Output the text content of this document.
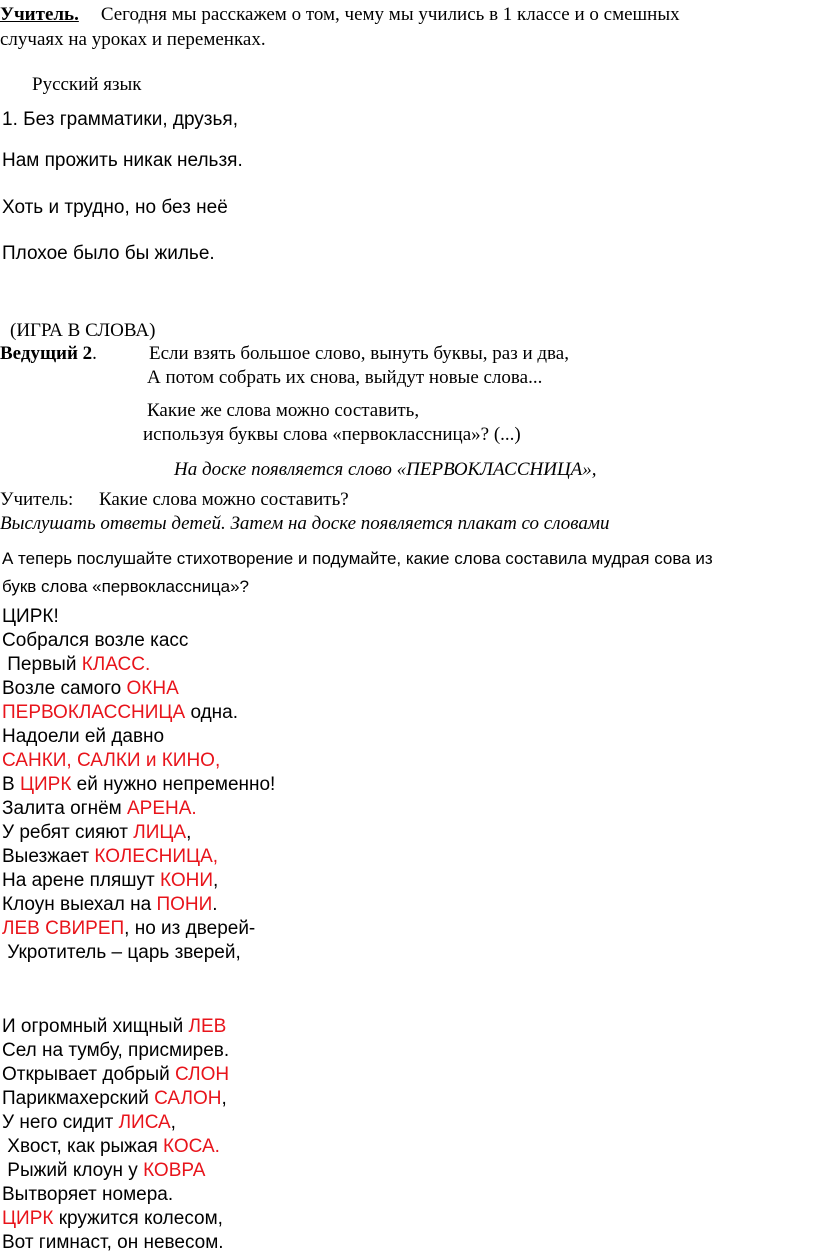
Учитель. Сегодня мы расскажем о том, чему мы учились в 1 классе и о смешных
случаях на уроках и переменках.
Русский язык
1. Без грамматики, друзья,
Нам прожить никак нельзя.
Хоть и трудно, но без неё
Плохое было бы жилье.
(ИГРА В СЛОВА)
Ведущий 2.	Если взять большое слово, вынуть буквы, раз и два,
А потом собрать их снова, выйдут новые слова...
Какие же слова можно составить,
используя буквы слова «первоклассница»? (...)
На доске появляется слово «ПЕРВОКЛАССНИЦА»,
Учитель: Какие слова можно составить?
Выслушать ответы детей. Затем на доске появляется плакат со словами
А теперь послушайте стихотворение и подумайте, какие слова составила мудрая сова из
букв слова «первоклассница»?
ЦИРК!
Собрался возле касс
Первый КЛАСС.
Возле самого ОКНА
ПЕРВОКЛАССНИЦА одна.
Надоели ей давно
САНКИ, САЛКИ и КИНО,
В ЦИРК ей нужно непременно!
Залита огнём АРЕНА.
У ребят сияют ЛИЦА,
Выезжает КОЛЕСНИЦА,
На арене пляшут КОНИ,
Клоун выехал на ПОНИ.
ЛЕВ СВИРЕП, но из дверей-
Укротитель – царь зверей,
И огромный хищный ЛЕВ
Сел на тумбу, присмирев.
Открывает добрый СЛОН
Парикмахерский САЛОН,
У него сидит ЛИСА,
Хвост, как рыжая КОСА.
Рыжий клоун у КОВРА
Вытворяет номера.
ЦИРК кружится колесом,
Вот гимнаст, он невесом.
